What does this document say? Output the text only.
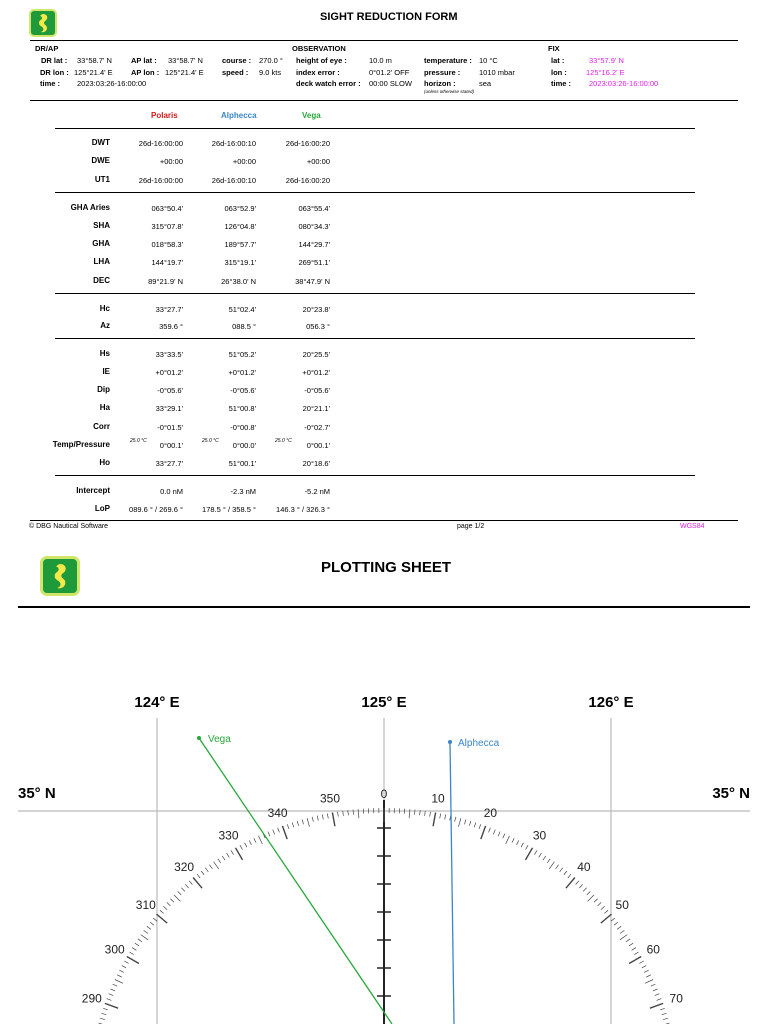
SIGHT REDUCTION FORM
DR/AP	OBSERVATION	FIX
DR lat : 33°58.7' N
DR lon : 125°21.4' E
time : 2023:03:26-16:00:00
AP lat : 33°58.7' N
AP lon : 125°21.4' E
course : 270.0 °
speed : 9.0 kts
height of eye :	10.0 m
index error :	0°01.2' OFF
deck watch error : 00:00 SLOW
temperature : 10 °C
pressure : 1010 mbar
horizon :	sea
(unless otherwise stated)
lat :	33°57.9' N
lon :	125°16.2' E
time : 2023:03:26-16:00:00
Polaris	Alphecca	Vega
DWT	26d-16:00:00	26d-16:00:10	26d-16:00:20
DWE	+00:00	+00:00	+00:00
UT1	26d-16:00:00	26d-16:00:10	26d-16:00:20
GHA Aries	063°50.4'	063°52.9'	063°55.4'
SHA	315°07.8'	126°04.8'	080°34.3'
GHA	018°58.3'	189°57.7'	144°29.7'
LHA	144°19.7'	315°19.1'	269°51.1'
DEC	89°21.9' N	26°38.0' N	38°47.9' N
Hc	33°27.7'	51°02.4'	20°23.8'
Az	359.6 °	088.5 °	056.3 °
Hs	33°33.5'	51°05.2'	20°25.5'
IE	+0°01.2'	+0°01.2'	+0°01.2'
Dip	-0°05.6'	-0°05.6'	-0°05.6'
Ha	33°29.1'	51°00.8'	20°21.1'
Corr	-0°01.5'	-0°00.8'	-0°02.7'
Temp/Pressure	0°00.1'	0°00.0'	0°00.1'
25.0 °C	25.0 °C	25.0 °C
Ho	33°27.7'	51°00.1'	20°18.6'
Intercept	0.0 nM	-2.3 nM	-5.2 nM
LoP	089.6 ° / 269.6 °	178.5 ° / 358.5 °	146.3 ° / 326.3 °
© DBG Nautical Software	page 1/2	WGS84
PLOTTING SHEET
0	10
20
30
40
50
60
70
290
300
310
320
330
340
350
Vega	Alphecca
124° E	125° E	126° E
35° N	35° N
